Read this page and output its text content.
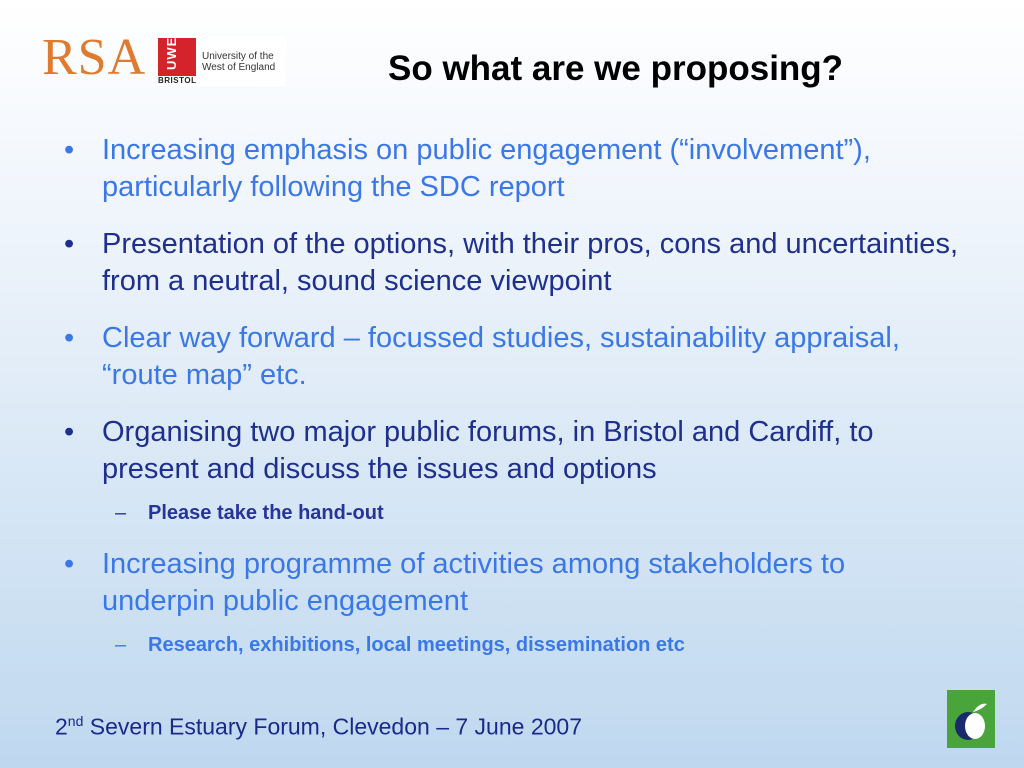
RSA UWE
BRISTOL
University of the
West of England	So what are we proposing?
• Increasing emphasis on public engagement (“involvement”), particularly following the SDC report
• Presentation of the options, with their pros, cons and uncertainties, from a neutral, sound science viewpoint
• Clear way forward – focussed studies, sustainability appraisal, “route map” etc.
• Organising two major public forums, in Bristol and Cardiff, to present and discuss the issues and options
– Please take the hand-out
• Increasing programme of activities among stakeholders to underpin public engagement
– Research, exhibitions, local meetings, dissemination etc
2nd Severn Estuary Forum, Clevedon – 7 June 2007
